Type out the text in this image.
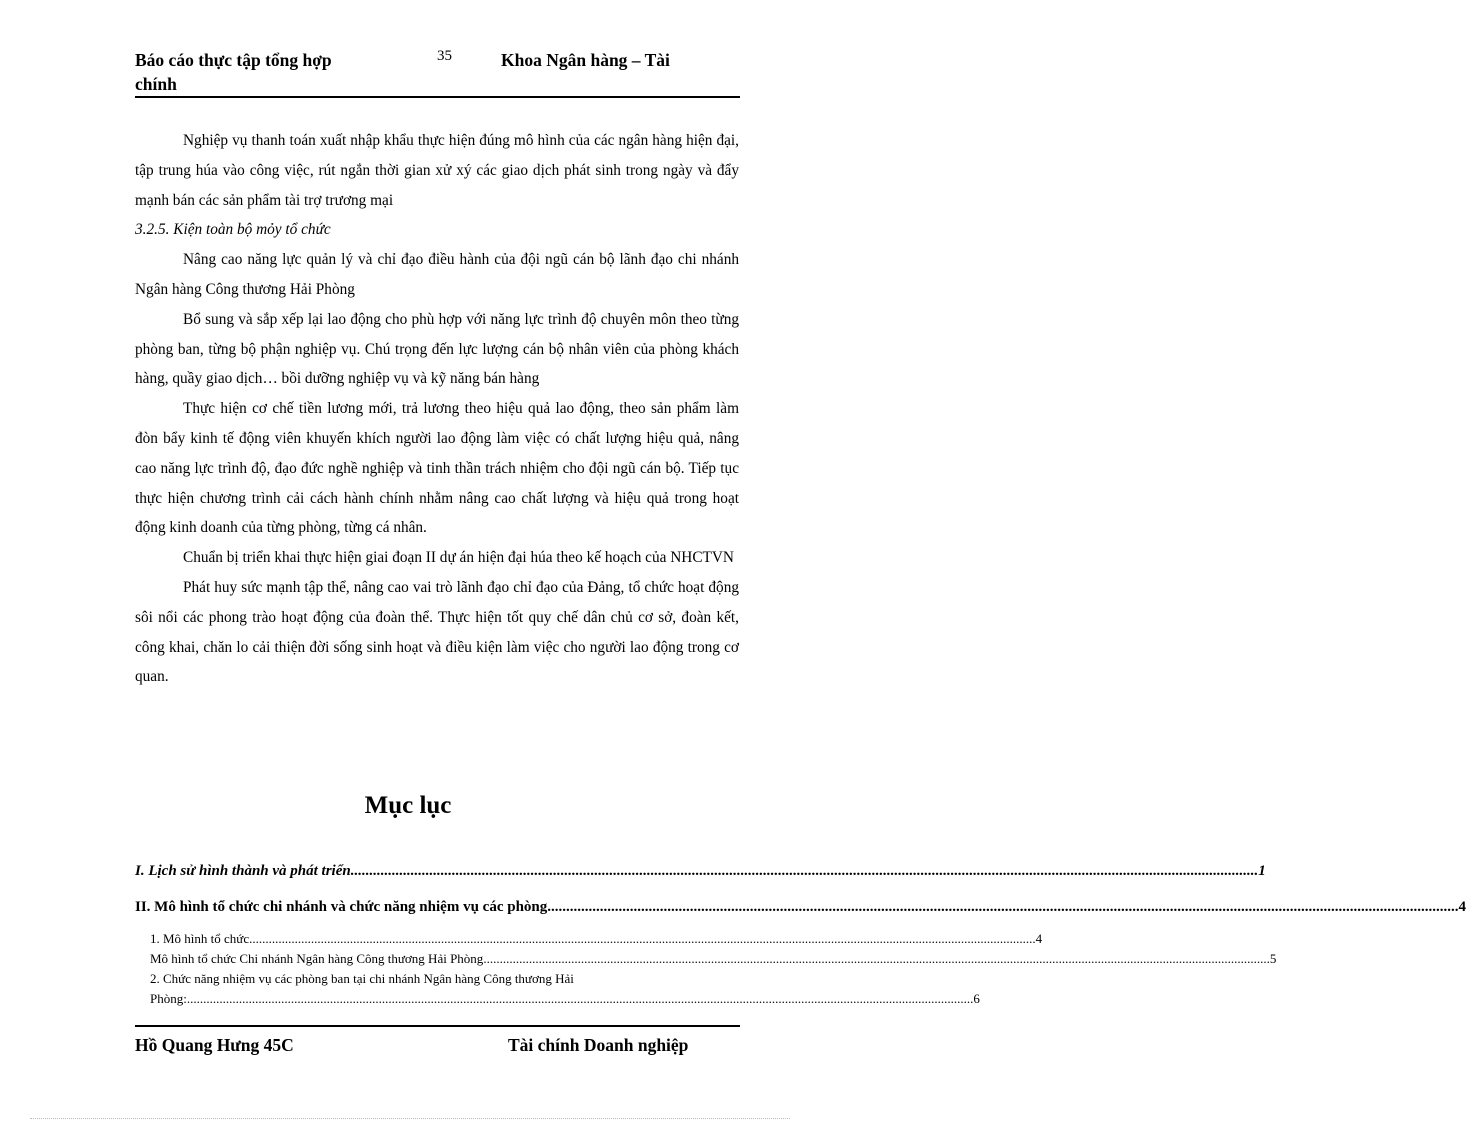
Báo cáo thực tập tổng hợp chính
35	Khoa Ngân hàng – Tài

Nghiệp vụ thanh toán xuất nhập khẩu thực hiện đúng mô hình của các ngân hàng hiện đại, tập trung húa vào công việc, rút ngắn thời gian xử xý các giao dịch phát sinh trong ngày và đẩy mạnh bán các sản phẩm tài trợ trương mại

3.2.5. Kiện toàn bộ mỏy tổ chức

Nâng cao năng lực quản lý và chỉ đạo điều hành của đội ngũ cán bộ lãnh đạo chi nhánh Ngân hàng Công thương Hải Phòng

Bổ sung và sắp xếp lại lao động cho phù hợp với năng lực trình độ chuyên môn theo từng phòng ban, từng bộ phận nghiệp vụ. Chú trọng đến lực lượng cán bộ nhân viên của phòng khách hàng, quầy giao dịch… bồi dưỡng nghiệp vụ và kỹ năng bán hàng

Thực hiện cơ chế tiền lương mới, trả lương theo hiệu quả lao động, theo sản phẩm làm đòn bẩy kinh tế động viên khuyến khích người lao động làm việc có chất lượng hiệu quả, nâng cao năng lực trình độ, đạo đức nghề nghiệp và tinh thần trách nhiệm cho đội ngũ cán bộ. Tiếp tục thực hiện chương trình cải cách hành chính nhằm nâng cao chất lượng và hiệu quả trong hoạt động kinh doanh của từng phòng, từng cá nhân.

Chuẩn bị triển khai thực hiện giai đoạn II dự án hiện đại húa theo kế hoạch của NHCTVN

Phát huy sức mạnh tập thể, nâng cao vai trò lãnh đạo chỉ đạo của Đảng, tổ chức hoạt động sôi nổi các phong trào hoạt động của đoàn thể. Thực hiện tốt quy chế dân chủ cơ sở, đoàn kết, công khai, chăn lo cải thiện đời sống sinh hoạt và điều kiện làm việc cho người lao động trong cơ quan.

Mục lục
I. Lịch sử hình thành và phát triển .................................................................................................................................................................................................................................................. 1
II. Mô hình tổ chức chi nhánh và chức năng nhiệm vụ các phòng. .................................................................................................................................................................................................................................................. 4
1. Mô hình tổ chức .................................................................................................................................................................................................................................................. 4
Mô hình tổ chức Chi nhánh Ngân hàng Công thương Hải Phòng .................................................................................................................................................................................................................................................. 5
2. Chức năng nhiệm vụ các phòng ban tại chi nhánh Ngân hàng Công thương Hải
Phòng: .................................................................................................................................................................................................................................................. 6
Hồ Quang Hưng 45C	Tài chính Doanh nghiệp
